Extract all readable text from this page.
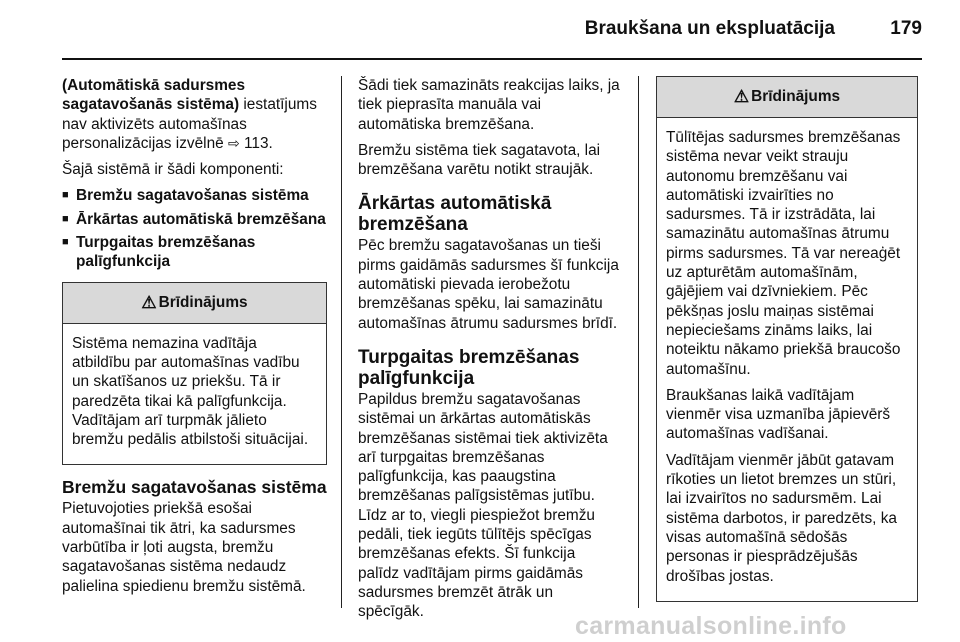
Braukšana un ekspluatācija	179

(Automātiskā sadursmes sagatavošanās sistēma) iestatījums nav aktivizēts automašīnas personalizācijas izvēlnē ⇨ 113.

Šajā sistēmā ir šādi komponenti:

■ Bremžu sagatavošanas sistēma
■ Ārkārtas automātiskā bremzēšana
■ Turpgaitas bremzēšanas palīgfunkcija
⚠ Brīdinājums

Sistēma nemazina vadītāja atbildību par automašīnas vadību un skatīšanos uz priekšu. Tā ir paredzēta tikai kā palīgfunkcija. Vadītājam arī turpmāk jālieto bremžu pedālis atbilstoši situācijai.

Bremžu sagatavošanas sistēma

Pietuvojoties priekšā esošai automašīnai tik ātri, ka sadursmes varbūtība ir ļoti augsta, bremžu sagatavošanas sistēma nedaudz palielina spiedienu bremžu sistēmā.

Šādi tiek samazināts reakcijas laiks, ja tiek pieprasīta manuāla vai automātiska bremzēšana.

Bremžu sistēma tiek sagatavota, lai bremzēšana varētu notikt straujāk.

Ārkārtas automātiskā bremzēšana

Pēc bremžu sagatavošanas un tieši pirms gaidāmās sadursmes šī funkcija automātiski pievada ierobežotu bremzēšanas spēku, lai samazinātu automašīnas ātrumu sadursmes brīdī.

Turpgaitas bremzēšanas palīgfunkcija

Papildus bremžu sagatavošanas sistēmai un ārkārtas automātiskās bremzēšanas sistēmai tiek aktivizēta arī turpgaitas bremzēšanas palīgfunkcija, kas paaugstina bremzēšanas palīgsistēmas jutību. Līdz ar to, viegli piespiežot bremžu pedāli, tiek iegūts tūlītējs spēcīgas bremzēšanas efekts. Šī funkcija palīdz vadītājam pirms gaidāmās sadursmes bremzēt ātrāk un spēcīgāk.

⚠ Brīdinājums

Tūlītējas sadursmes bremzēšanas sistēma nevar veikt strauju autonomu bremzēšanu vai automātiski izvairīties no sadursmes. Tā ir izstrādāta, lai samazinātu automašīnas ātrumu pirms sadursmes. Tā var nereaģēt uz apturētām automašīnām, gājējiem vai dzīvniekiem. Pēc pēkšņas joslu maiņas sistēmai nepieciešams zināms laiks, lai noteiktu nākamo priekšā braucošo automašīnu.

Braukšanas laikā vadītājam vienmēr visa uzmanība jāpievērš automašīnas vadīšanai.

Vadītājam vienmēr jābūt gatavam rīkoties un lietot bremzes un stūri, lai izvairītos no sadursmēm. Lai sistēma darbotos, ir paredzēts, ka visas automašīnā sēdošās personas ir piesprādzējušās drošības jostas.

carmanualsonline.info
